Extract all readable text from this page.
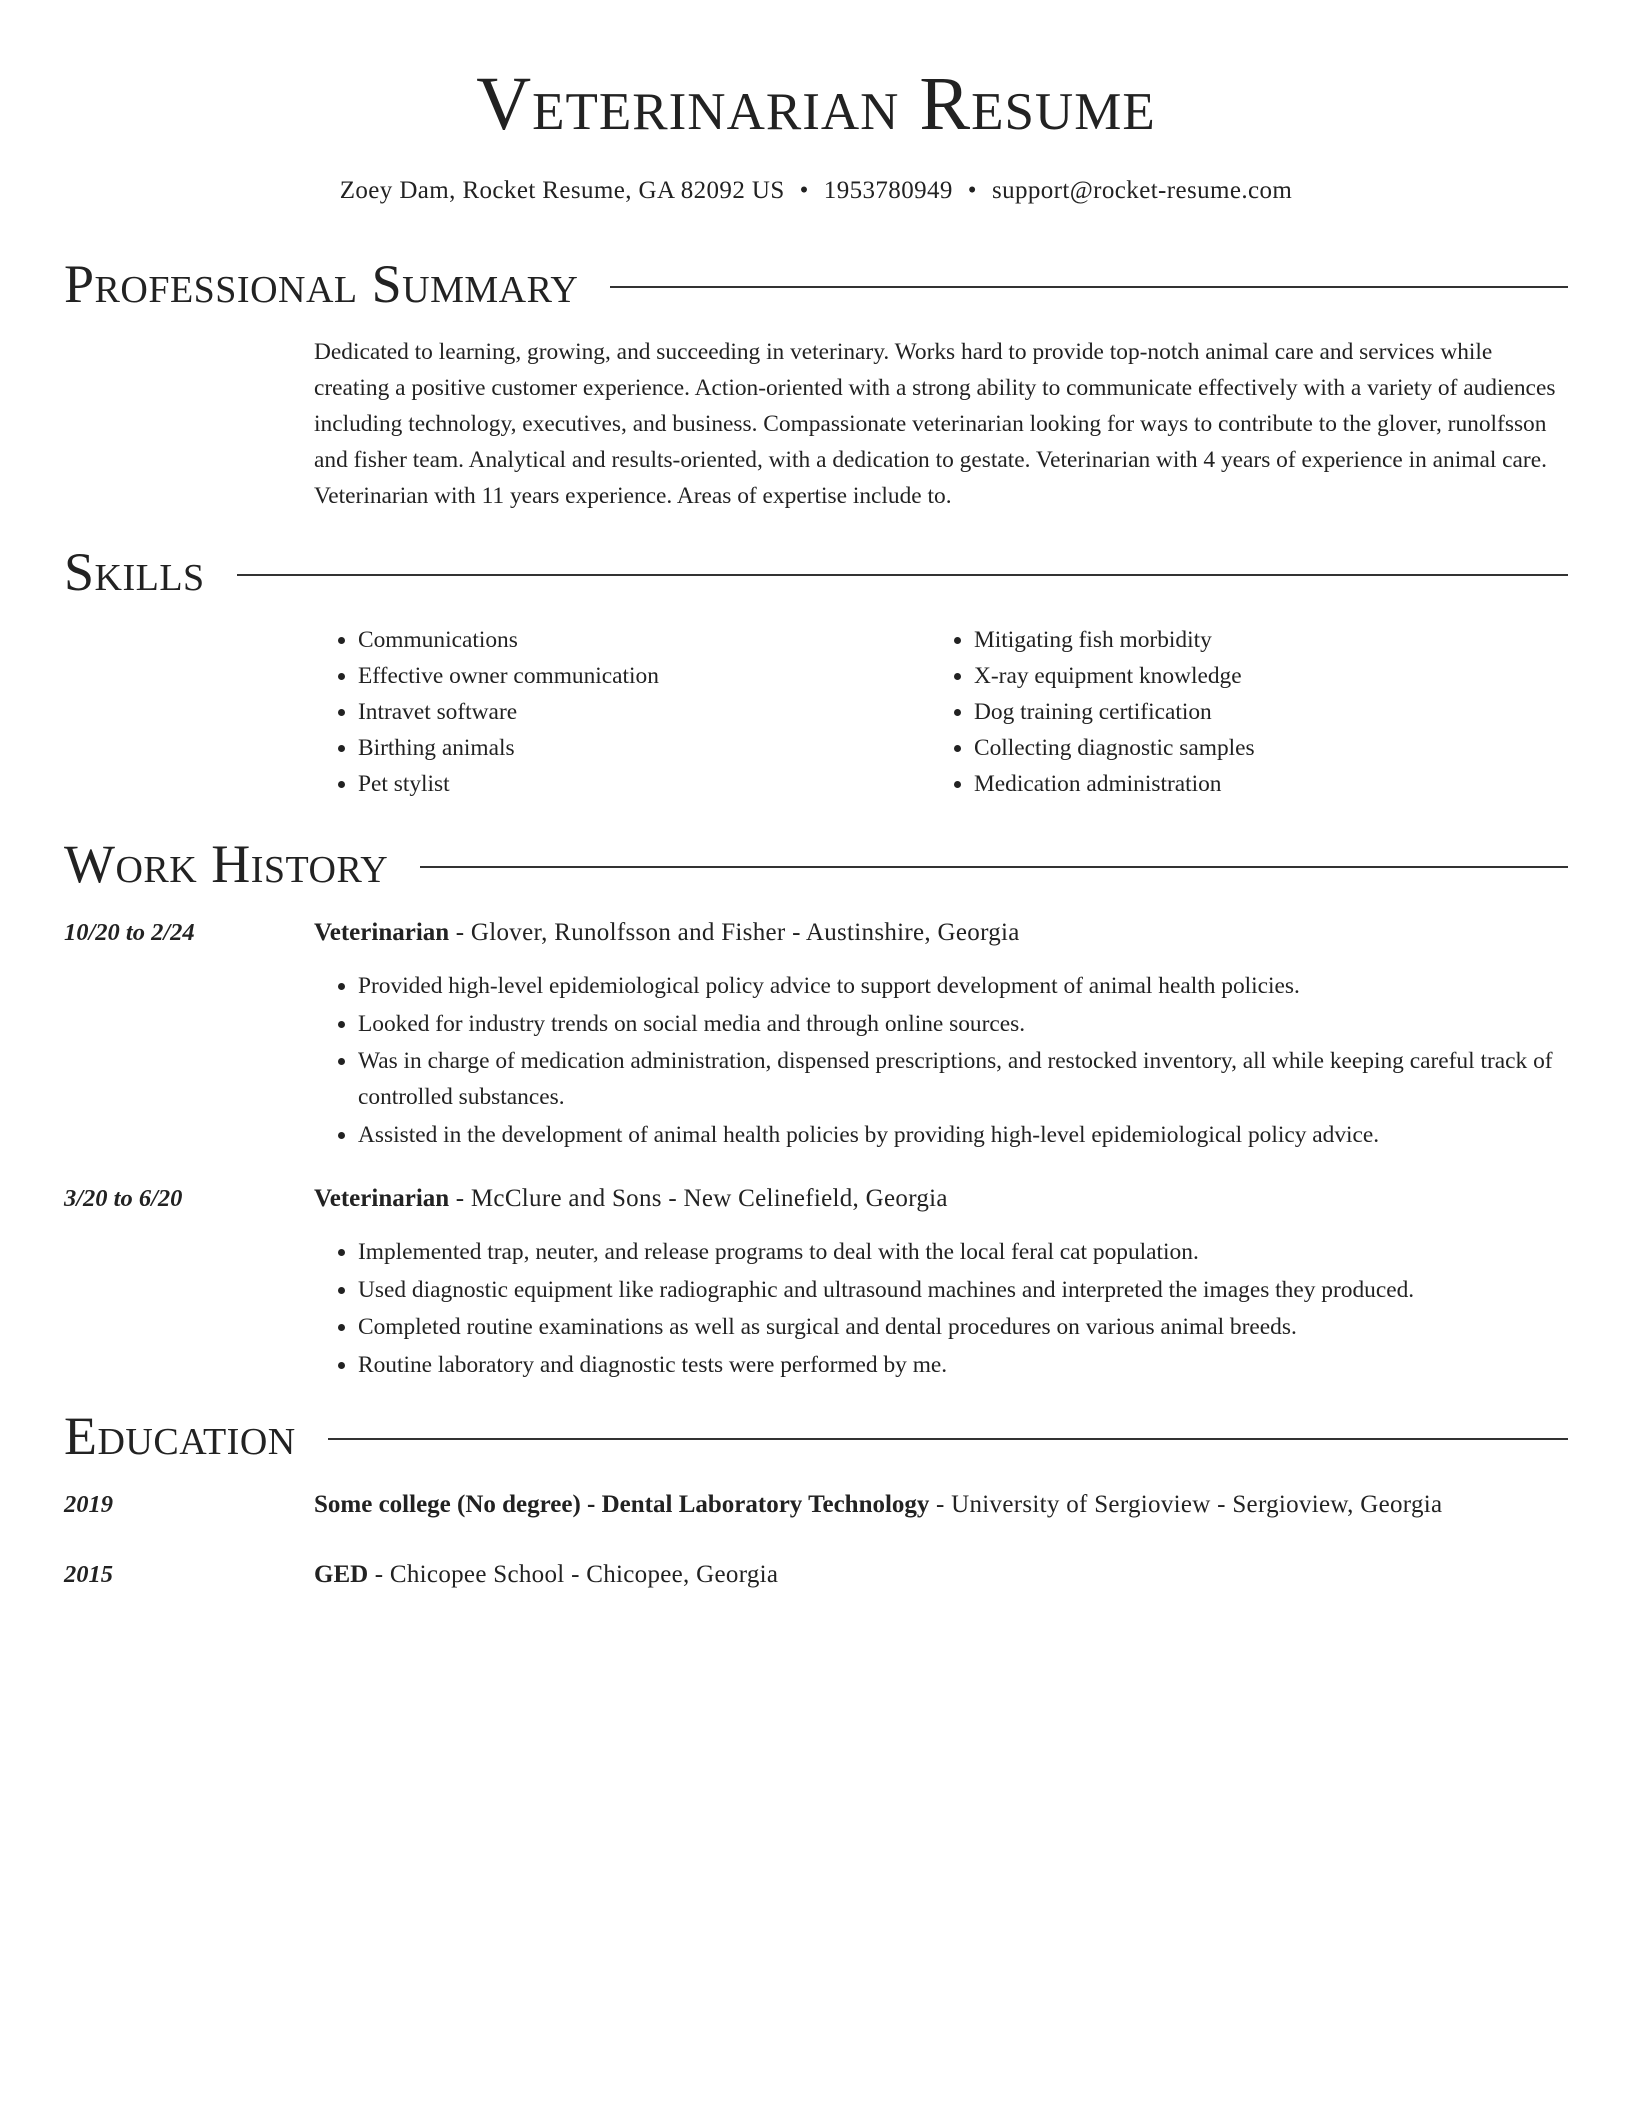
Veterinarian Resume

Zoey Dam, Rocket Resume, GA 82092 US • 1953780949 • support@rocket-resume.com

Professional Summary

Dedicated to learning, growing, and succeeding in veterinary. Works hard to provide top-notch animal care and services while creating a positive customer experience. Action-oriented with a strong ability to communicate effectively with a variety of audiences including technology, executives, and business. Compassionate veterinarian looking for ways to contribute to the glover, runolfsson and fisher team. Analytical and results-oriented, with a dedication to gestate. Veterinarian with 4 years of experience in animal care. Veterinarian with 11 years experience. Areas of expertise include to.

Skills
• Communications
• Effective owner communication
• Intravet software
• Birthing animals
• Pet stylist
• Mitigating fish morbidity
• X-ray equipment knowledge
• Dog training certification
• Collecting diagnostic samples
• Medication administration
Work History

10/20 to 2/24	Veterinarian - Glover, Runolfsson and Fisher - Austinshire, Georgia

• Provided high-level epidemiological policy advice to support development of animal health policies.
• Looked for industry trends on social media and through online sources.
• Was in charge of medication administration, dispensed prescriptions, and restocked inventory, all while keeping careful track of controlled substances.
• Assisted in the development of animal health policies by providing high-level epidemiological policy advice.

3/20 to 6/20	Veterinarian - McClure and Sons - New Celinefield, Georgia

• Implemented trap, neuter, and release programs to deal with the local feral cat population.
• Used diagnostic equipment like radiographic and ultrasound machines and interpreted the images they produced.
• Completed routine examinations as well as surgical and dental procedures on various animal breeds.
• Routine laboratory and diagnostic tests were performed by me.
Education

2019	Some college (No degree) - Dental Laboratory Technology - University of Sergioview - Sergioview, Georgia

2015	GED - Chicopee School - Chicopee, Georgia
